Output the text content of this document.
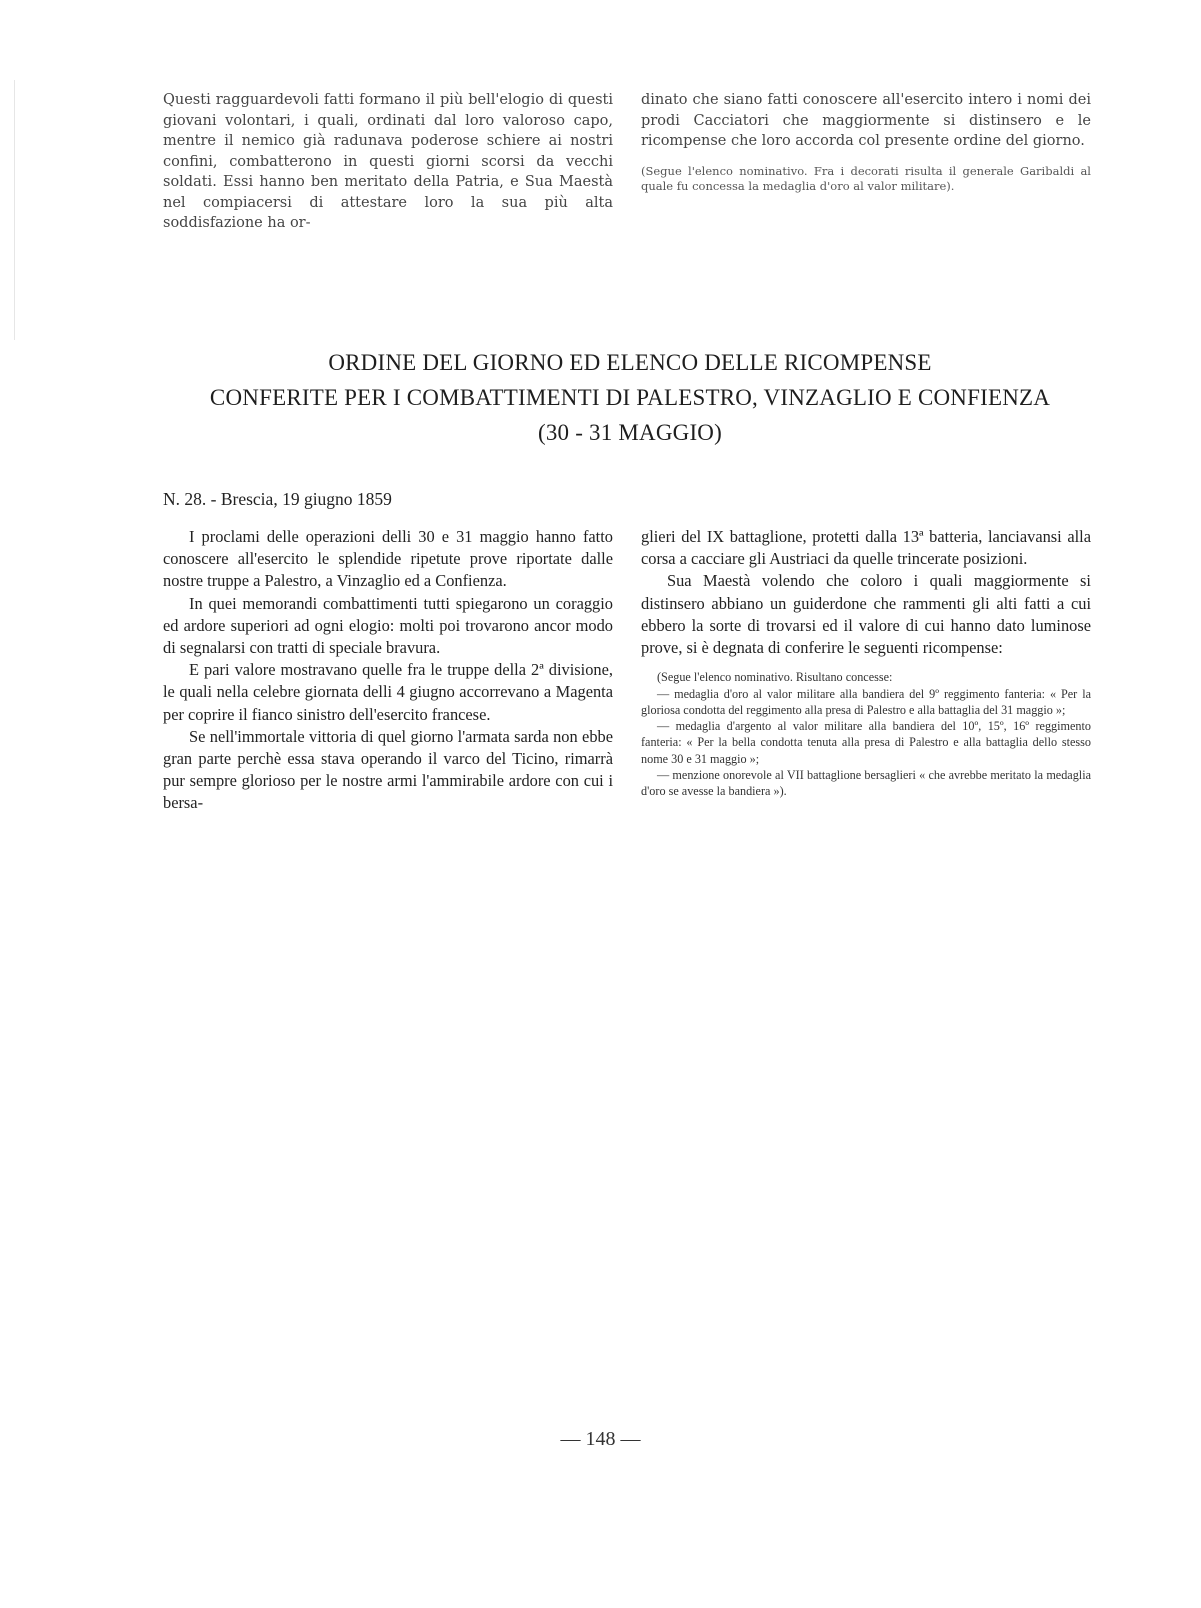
Questi ragguardevoli fatti formano il più bell'elogio di questi giovani volontari, i quali, ordinati dal loro valoroso capo, mentre il nemico già radunava poderose schiere ai nostri confini, combatterono in questi giorni scorsi da vecchi soldati. Essi hanno ben meritato della Patria, e Sua Maestà nel compiacersi di attestare loro la sua più alta soddisfazione ha or-
dinato che siano fatti conoscere all'esercito intero i nomi dei prodi Cacciatori che maggiormente si distinsero e le ricompense che loro accorda col presente ordine del giorno.
(Segue l'elenco nominativo. Fra i decorati risulta il generale Garibaldi al quale fu concessa la medaglia d'oro al valor militare).
ORDINE DEL GIORNO ED ELENCO DELLE RICOMPENSE
CONFERITE PER I COMBATTIMENTI DI PALESTRO, VINZAGLIO E CONFIENZA
(30 - 31 MAGGIO)
N. 28. - Brescia, 19 giugno 1859

I proclami delle operazioni delli 30 e 31 maggio hanno fatto conoscere all'esercito le splendide ripetute prove riportate dalle nostre truppe a Palestro, a Vinzaglio ed a Confienza.

In quei memorandi combattimenti tutti spiegarono un coraggio ed ardore superiori ad ogni elogio: molti poi trovarono ancor modo di segnalarsi con tratti di speciale bravura.

E pari valore mostravano quelle fra le truppe della 2ª divisione, le quali nella celebre giornata delli 4 giugno accorrevano a Magenta per coprire il fianco sinistro dell'esercito francese.

Se nell'immortale vittoria di quel giorno l'armata sarda non ebbe gran parte perchè essa stava operando il varco del Ticino, rimarrà pur sempre glorioso per le nostre armi l'ammirabile ardore con cui i bersa-

glieri del IX battaglione, protetti dalla 13ª batteria, lanciavansi alla corsa a cacciare gli Austriaci da quelle trincerate posizioni.

Sua Maestà volendo che coloro i quali maggiormente si distinsero abbiano un guiderdone che rammenti gli alti fatti a cui ebbero la sorte di trovarsi ed il valore di cui hanno dato luminose prove, si è degnata di conferire le seguenti ricompense:

(Segue l'elenco nominativo. Risultano concesse:

— medaglia d'oro al valor militare alla bandiera del 9º reggimento fanteria: « Per la gloriosa condotta del reggimento alla presa di Palestro e alla battaglia del 31 maggio »;

— medaglia d'argento al valor militare alla bandiera del 10º, 15º, 16º reggimento fanteria: « Per la bella condotta tenuta alla presa di Palestro e alla battaglia dello stesso nome 30 e 31 maggio »;

— menzione onorevole al VII battaglione bersaglieri « che avrebbe meritato la medaglia d'oro se avesse la bandiera »).

— 148 —
